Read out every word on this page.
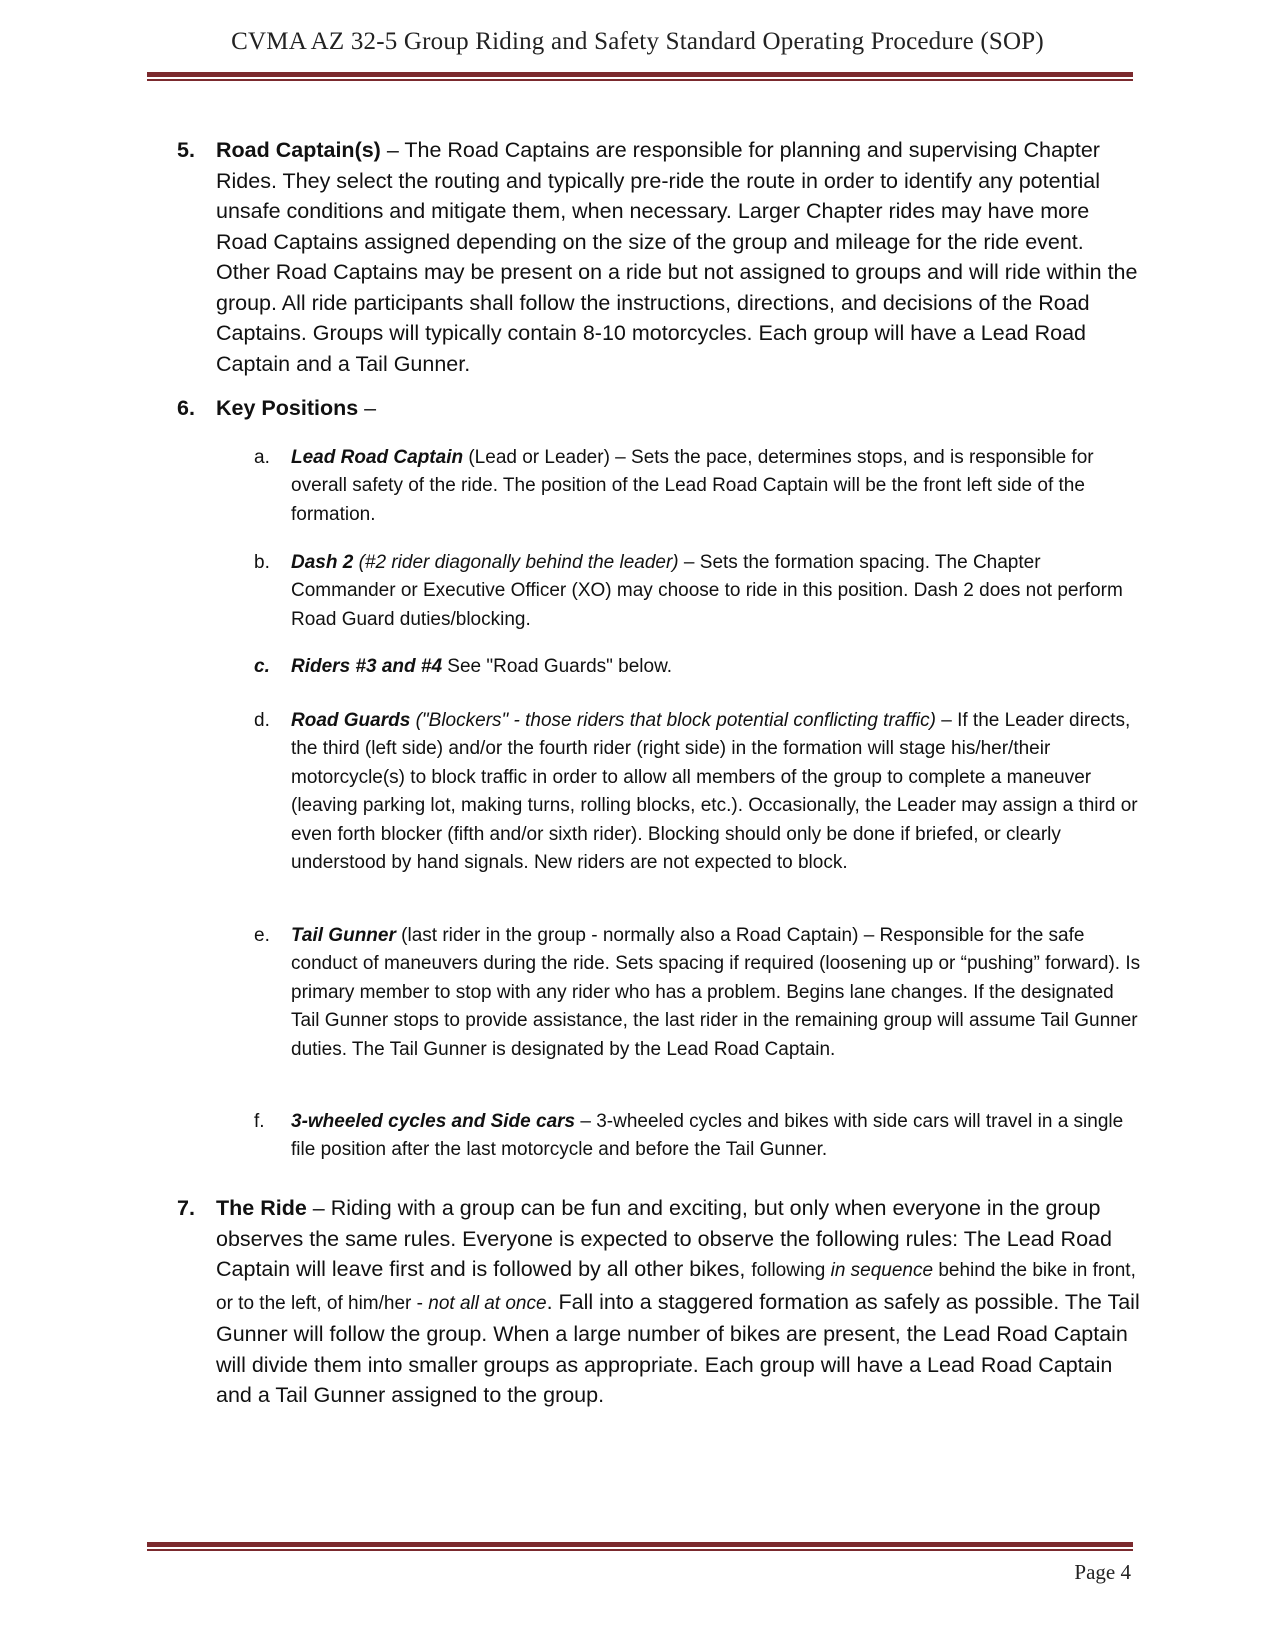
CVMA AZ 32-5 Group Riding and Safety Standard Operating Procedure (SOP)
5. Road Captain(s) – The Road Captains are responsible for planning and supervising Chapter Rides. They select the routing and typically pre-ride the route in order to identify any potential unsafe conditions and mitigate them, when necessary. Larger Chapter rides may have more Road Captains assigned depending on the size of the group and mileage for the ride event. Other Road Captains may be present on a ride but not assigned to groups and will ride within the group. All ride participants shall follow the instructions, directions, and decisions of the Road Captains. Groups will typically contain 8-10 motorcycles. Each group will have a Lead Road Captain and a Tail Gunner.
6. Key Positions –
a. Lead Road Captain (Lead or Leader) – Sets the pace, determines stops, and is responsible for overall safety of the ride. The position of the Lead Road Captain will be the front left side of the formation.
b. Dash 2 (#2 rider diagonally behind the leader) – Sets the formation spacing. The Chapter Commander or Executive Officer (XO) may choose to ride in this position. Dash 2 does not perform Road Guard duties/blocking.
c. Riders #3 and #4 See "Road Guards" below.
d. Road Guards ("Blockers" - those riders that block potential conflicting traffic) – If the Leader directs, the third (left side) and/or the fourth rider (right side) in the formation will stage his/her/their motorcycle(s) to block traffic in order to allow all members of the group to complete a maneuver (leaving parking lot, making turns, rolling blocks, etc.). Occasionally, the Leader may assign a third or even forth blocker (fifth and/or sixth rider). Blocking should only be done if briefed, or clearly understood by hand signals. New riders are not expected to block.
e. Tail Gunner (last rider in the group - normally also a Road Captain) – Responsible for the safe conduct of maneuvers during the ride. Sets spacing if required (loosening up or “pushing” forward). Is primary member to stop with any rider who has a problem. Begins lane changes. If the designated Tail Gunner stops to provide assistance, the last rider in the remaining group will assume Tail Gunner duties. The Tail Gunner is designated by the Lead Road Captain.
f. 3-wheeled cycles and Side cars – 3-wheeled cycles and bikes with side cars will travel in a single file position after the last motorcycle and before the Tail Gunner.
7. The Ride – Riding with a group can be fun and exciting, but only when everyone in the group observes the same rules. Everyone is expected to observe the following rules: The Lead Road Captain will leave first and is followed by all other bikes, following in sequence behind the bike in front, or to the left, of him/her - not all at once. Fall into a staggered formation as safely as possible. The Tail Gunner will follow the group. When a large number of bikes are present, the Lead Road Captain will divide them into smaller groups as appropriate. Each group will have a Lead Road Captain and a Tail Gunner assigned to the group.
Page 4
